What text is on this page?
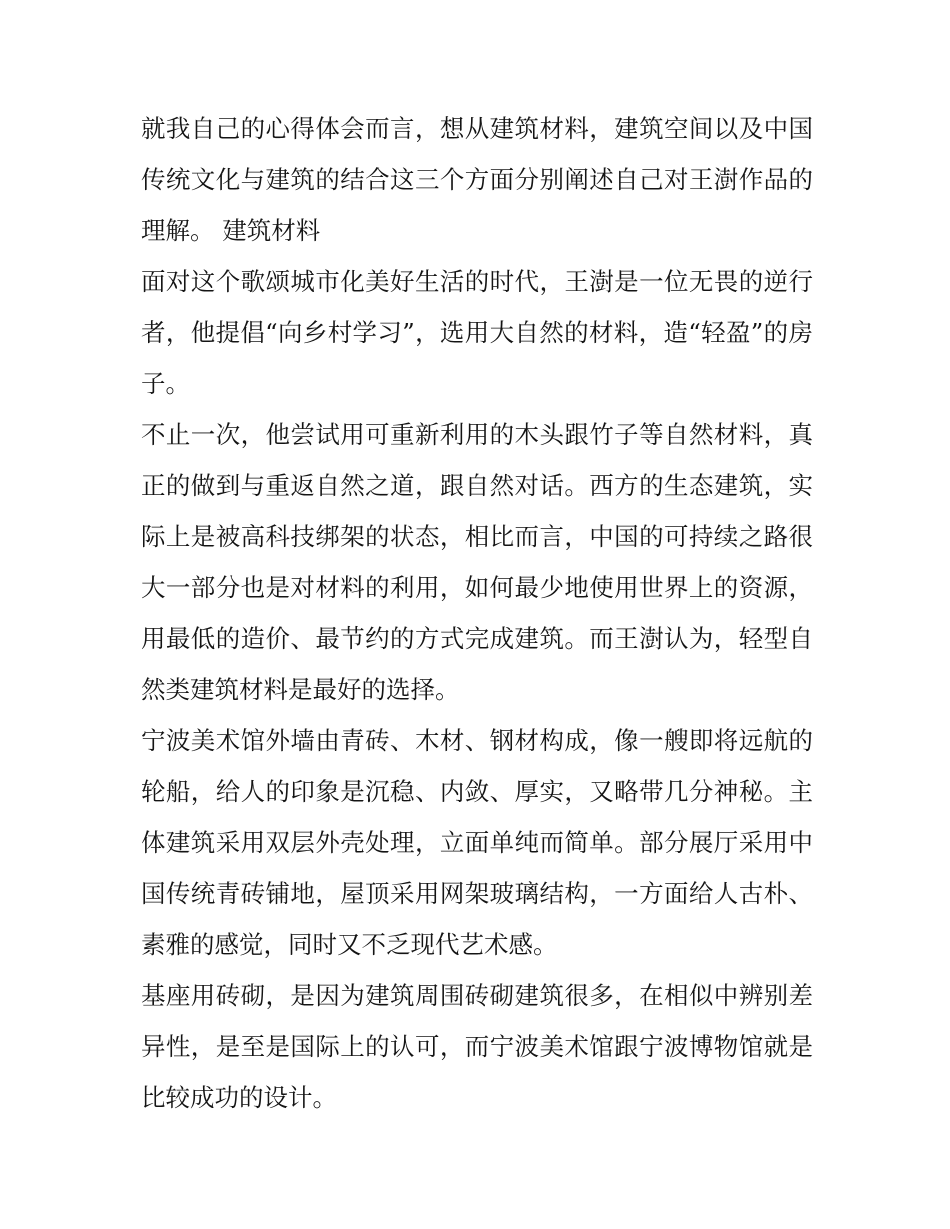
就我自己的心得体会而言，想从建筑材料，建筑空间以及中国传统文化与建筑的结合这三个方面分别阐述自己对王澍作品的理解。 建筑材料

面对这个歌颂城市化美好生活的时代，王澍是一位无畏的逆行者，他提倡“向乡村学习”，选用大自然的材料，造“轻盈”的房子。

不止一次，他尝试用可重新利用的木头跟竹子等自然材料，真正的做到与重返自然之道，跟自然对话。西方的生态建筑，实际上是被高科技绑架的状态，相比而言，中国的可持续之路很大一部分也是对材料的利用，如何最少地使用世界上的资源，用最低的造价、最节约的方式完成建筑。而王澍认为，轻型自然类建筑材料是最好的选择。

宁波美术馆外墙由青砖、木材、钢材构成，像一艘即将远航的轮船，给人的印象是沉稳、内敛、厚实，又略带几分神秘。主体建筑采用双层外壳处理，立面单纯而简单。部分展厅采用中国传统青砖铺地，屋顶采用网架玻璃结构，一方面给人古朴、素雅的感觉，同时又不乏现代艺术感。

基座用砖砌，是因为建筑周围砖砌建筑很多，在相似中辨别差异性，是至是国际上的认可，而宁波美术馆跟宁波博物馆就是比较成功的设计。
